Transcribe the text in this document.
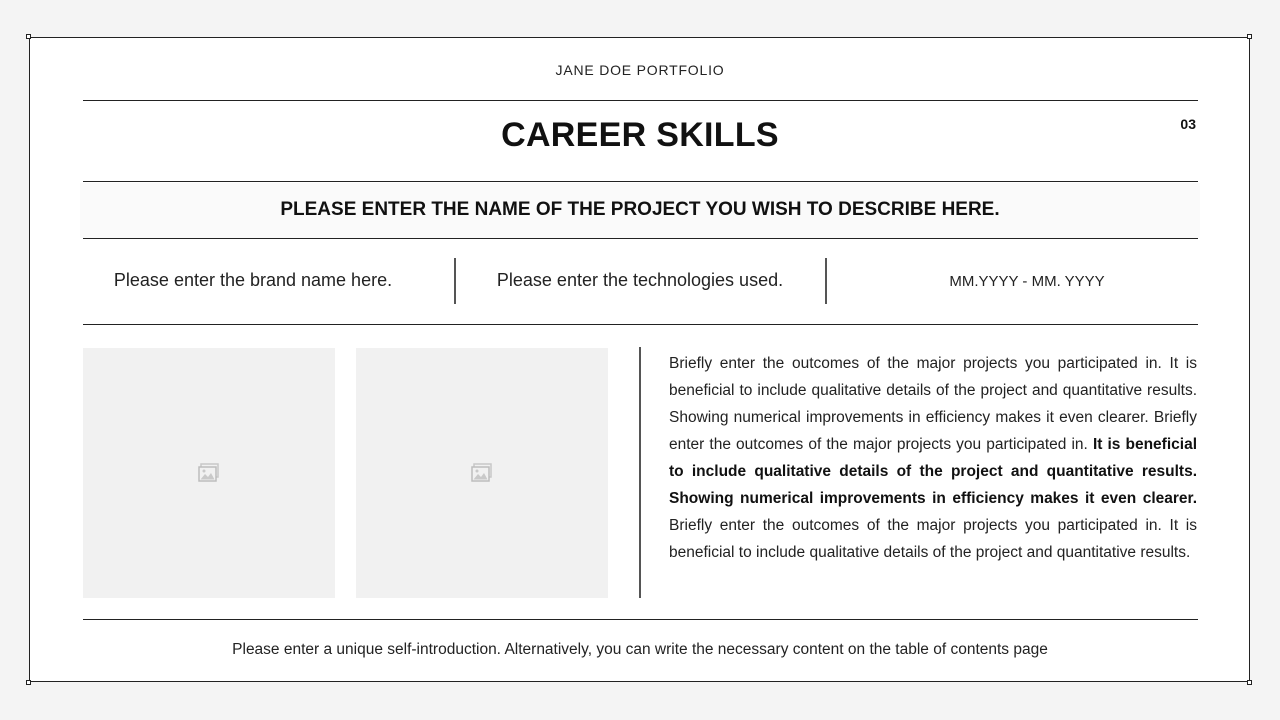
JANE DOE PORTFOLIO
CAREER SKILLS	03
PLEASE ENTER THE NAME OF THE PROJECT YOU WISH TO DESCRIBE HERE.
Please enter the brand name here.	Please enter the technologies used.	MM.YYYY - MM. YYYY
Briefly enter the outcomes of the major projects you participated in. It is beneficial to include qualitative details of the project and quantitative results. Showing numerical improvements in efficiency makes it even clearer. Briefly enter the outcomes of the major projects you participated in. It is beneficial to include qualitative details of the project and quantitative results. Showing numerical improvements in efficiency makes it even clearer. Briefly enter the outcomes of the major projects you participated in. It is beneficial to include qualitative details of the project and quantitative results.
Please enter a unique self-introduction. Alternatively, you can write the necessary content on the table of contents page
